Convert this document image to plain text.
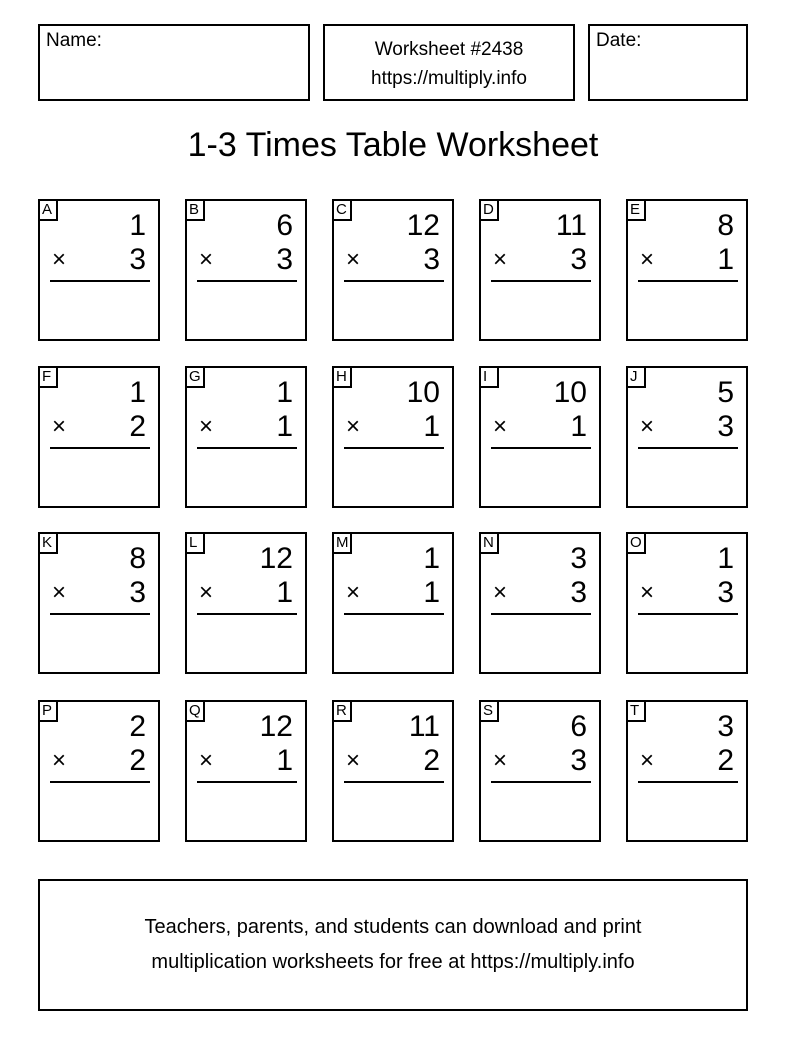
Name:	Worksheet #2438
https://multiply.info
Date:
1-3 Times Table Worksheet
A	1
× 3
B	6
× 3
C 12
× 3
D 11
× 3
E	8
× 1
F	1
× 2
G	1
× 1
H 10
× 1
I	10
× 1
J	5
× 3
K	8
× 3
L 12
× 1
M 1
× 1
N	3
× 3
O	1
× 3
P	2
× 2
Q 12
× 1
R 11
× 2
S	6
× 3
T	3
× 2
Teachers, parents, and students can download and print
multiplication worksheets for free at https://multiply.info
